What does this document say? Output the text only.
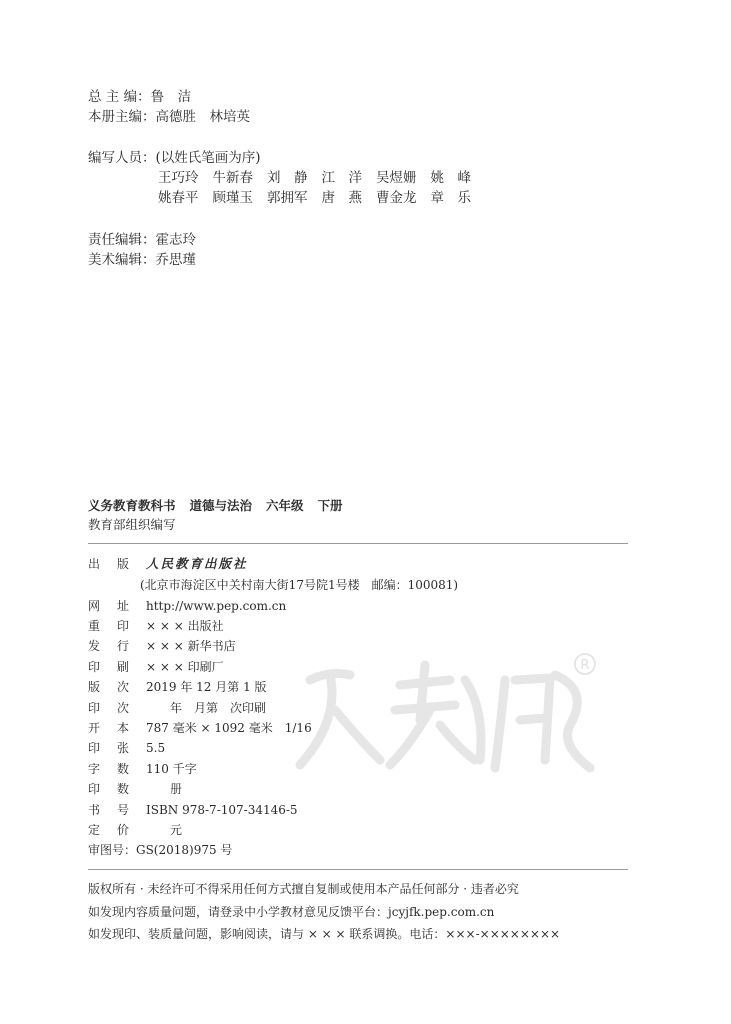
总 主 编：鲁　洁
本册主编：高德胜　林培英
编写人员：(以姓氏笔画为序)
王巧玲 牛新春 刘　静 江　洋 吴煜姗 姚　峰
姚春平 顾瑾玉 郭拥军 唐　燕 曹金龙 章　乐
责任编辑：霍志玲
美术编辑：乔思瑾
义务教育教科书 道德与法治 六年级 下册
教育部组织编写
R
出 版 人民教育出版社
(北京市海淀区中关村南大街17号院1号楼　邮编：100081)
网 址 http://www.pep.com.cn
重 印 × × × 出版社
发 行 × × × 新华书店
印 刷 × × × 印刷厂
版 次 2019 年 12 月第 1 版
印 次　　年　月第　次印刷
开 本 787 毫米 × 1092 毫米　1/16
印 张 5.5
字 数 110 千字
印 数　　册
书 号 ISBN 978-7-107-34146-5
定 价　　元
审图号：GS(2018)975 号
版权所有 · 未经许可不得采用任何方式擅自复制或使用本产品任何部分 · 违者必究
如发现内容质量问题，请登录中小学教材意见反馈平台：jcyjfk.pep.com.cn
如发现印、装质量问题，影响阅读，请与 × × × 联系调换。电话：×××-××××××××
